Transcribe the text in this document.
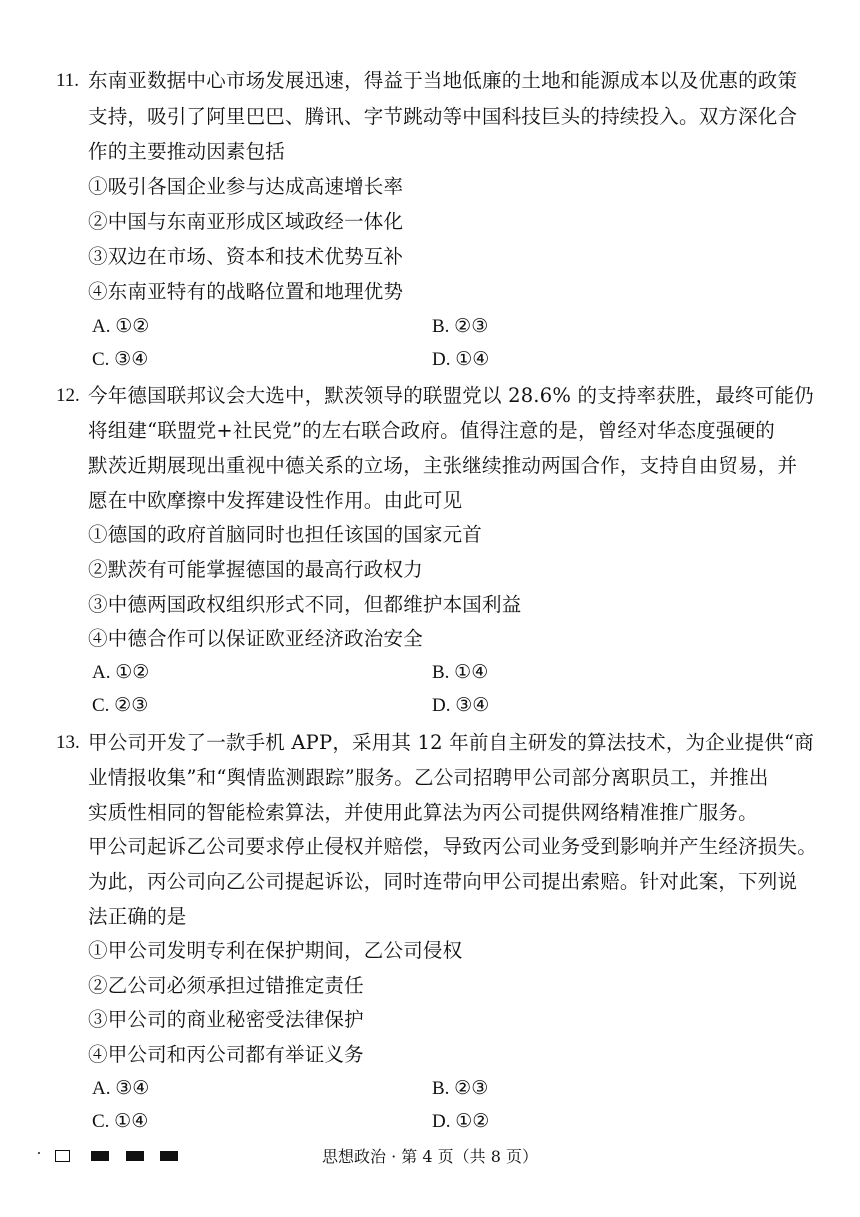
11. 东南亚数据中心市场发展迅速，得益于当地低廉的土地和能源成本以及优惠的政策
支持，吸引了阿里巴巴、腾讯、字节跳动等中国科技巨头的持续投入。双方深化合
作的主要推动因素包括
①吸引各国企业参与达成高速增长率
②中国与东南亚形成区域政经一体化
③双边在市场、资本和技术优势互补
④东南亚特有的战略位置和地理优势
A. ①②	B. ②③
C. ③④	D. ①④
12. 今年德国联邦议会大选中，默茨领导的联盟党以 28.6% 的支持率获胜，最终可能仍
将组建“联盟党+社民党”的左右联合政府。值得注意的是，曾经对华态度强硬的
默茨近期展现出重视中德关系的立场，主张继续推动两国合作，支持自由贸易，并
愿在中欧摩擦中发挥建设性作用。由此可见
①德国的政府首脑同时也担任该国的国家元首
②默茨有可能掌握德国的最高行政权力
③中德两国政权组织形式不同，但都维护本国利益
④中德合作可以保证欧亚经济政治安全
A. ①②	B. ①④
C. ②③	D. ③④
13. 甲公司开发了一款手机 APP，采用其 12 年前自主研发的算法技术，为企业提供“商
业情报收集”和“舆情监测跟踪”服务。乙公司招聘甲公司部分离职员工，并推出
实质性相同的智能检索算法，并使用此算法为丙公司提供网络精准推广服务。
甲公司起诉乙公司要求停止侵权并赔偿，导致丙公司业务受到影响并产生经济损失。
为此，丙公司向乙公司提起诉讼，同时连带向甲公司提出索赔。针对此案，下列说
法正确的是
①甲公司发明专利在保护期间，乙公司侵权
②乙公司必须承担过错推定责任
③甲公司的商业秘密受法律保护
④甲公司和丙公司都有举证义务
A. ③④	B. ②③
C. ①④	D. ①②
思想政治 · 第 4 页（共 8 页）
